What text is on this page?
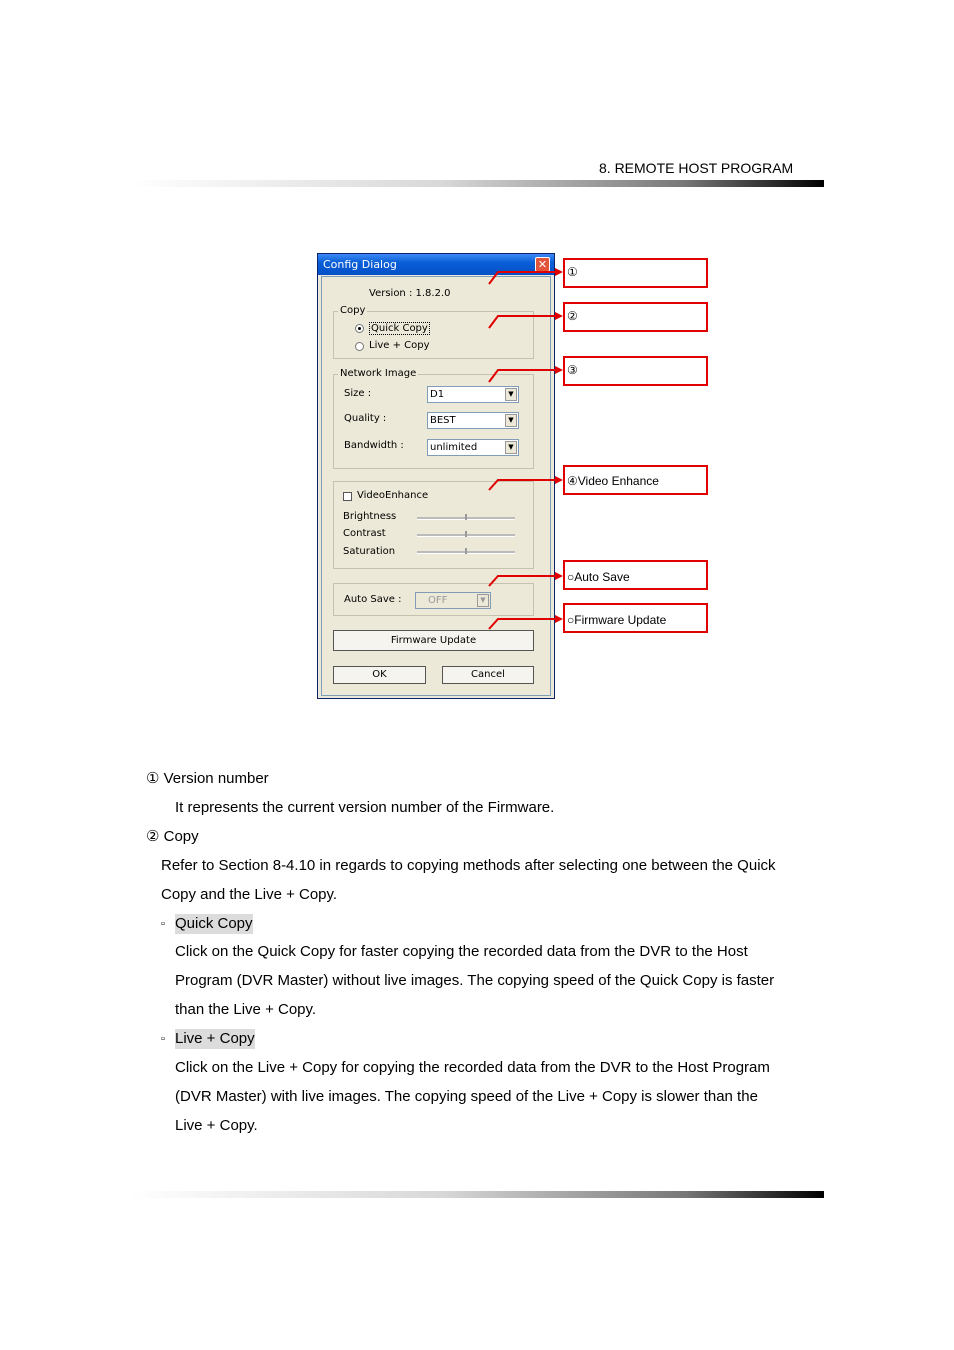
8. REMOTE HOST PROGRAM
Config Dialog	✕
Version : 1.8.2.0
Copy
Quick Copy
Live + Copy
Network Image
Size :	D1	▼
Quality :	BEST	▼
Bandwidth :	unlimited	▼
VideoEnhance
Brightness
Contrast
Saturation
Auto Save :	OFF	▼
Firmware Update
OK	Cancel
①
②
③
④Video Enhance
○Auto Save
○Firmware Update
① Version number
It represents the current version number of the Firmware.
② Copy
Refer to Section 8-4.10 in regards to copying methods after selecting one between the Quick
Copy and the Live + Copy.
▫ Quick Copy
Click on the Quick Copy for faster copying the recorded data from the DVR to the Host
Program (DVR Master) without live images. The copying speed of the Quick Copy is faster
than the Live + Copy.
▫ Live + Copy
Click on the Live + Copy for copying the recorded data from the DVR to the Host Program
(DVR Master) with live images. The copying speed of the Live + Copy is slower than the
Live + Copy.
